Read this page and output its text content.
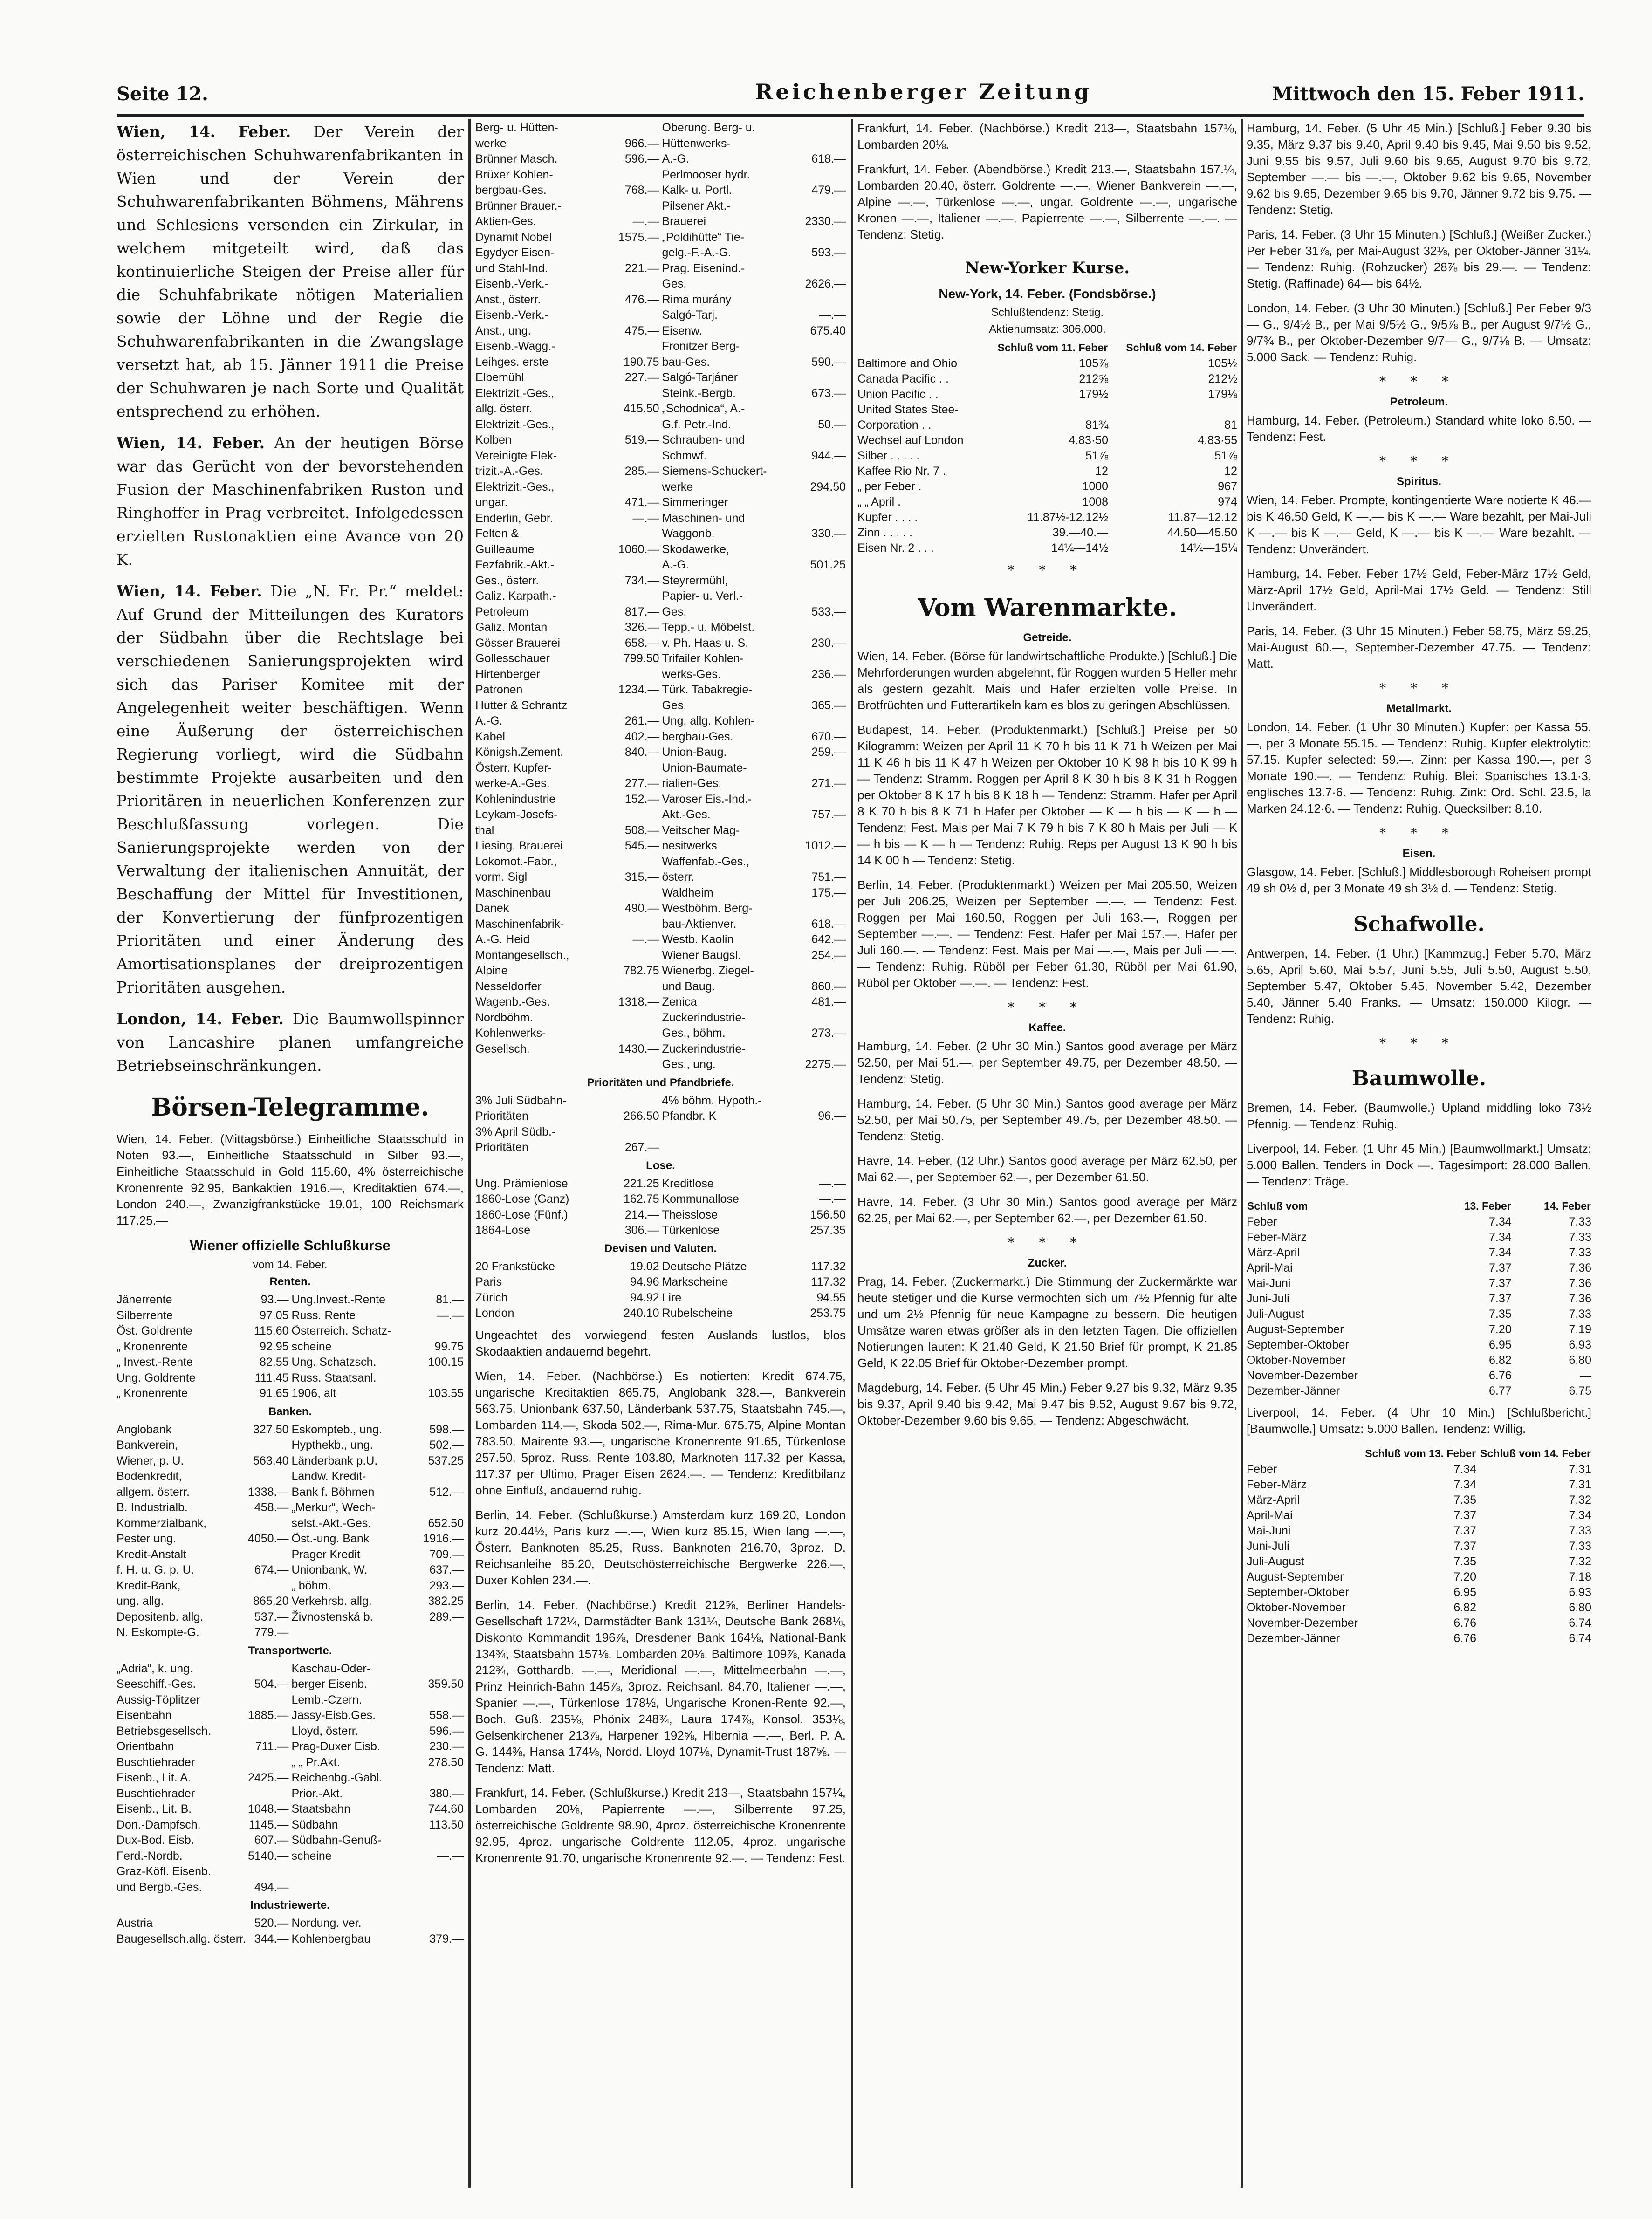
Seite 12.	Reichenberger Zeitung	Mittwoch den 15. Feber 1911.

Wien, 14. Feber. Der Verein der österreichischen Schuhwarenfabrikanten in Wien und der Verein der Schuhwarenfabrikanten Böhmens, Mährens und Schlesiens versenden ein Zirkular, in welchem mitgeteilt wird, daß das kontinuierliche Steigen der Preise aller für die Schuhfabrikate nötigen Materialien sowie der Löhne und der Regie die Schuhwarenfabrikanten in die Zwangslage versetzt hat, ab 15. Jänner 1911 die Preise der Schuhwaren je nach Sorte und Qualität entsprechend zu erhöhen.

Wien, 14. Feber. An der heutigen Börse war das Gerücht von der bevorstehenden Fusion der Maschinenfabriken Ruston und Ringhoffer in Prag verbreitet. Infolgedessen erzielten Rustonaktien eine Avance von 20 K.

Wien, 14. Feber. Die „N. Fr. Pr.“ meldet: Auf Grund der Mitteilungen des Kurators der Südbahn über die Rechtslage bei verschiedenen Sanierungsprojekten wird sich das Pariser Komitee mit der Angelegenheit weiter beschäftigen. Wenn eine Äußerung der österreichischen Regierung vorliegt, wird die Südbahn bestimmte Projekte ausarbeiten und den Prioritären in neuerlichen Konferenzen zur Beschlußfassung vorlegen. Die Sanierungsprojekte werden von der Verwaltung der italienischen Annuität, der Beschaffung der Mittel für Investitionen, der Konvertierung der fünfprozentigen Prioritäten und einer Änderung des Amortisationsplanes der dreiprozentigen Prioritäten ausgehen.

London, 14. Feber. Die Baumwollspinner von Lancashire planen umfangreiche Betriebseinschränkungen.

Börsen-Telegramme.

Wien, 14. Feber. (Mittagsbörse.) Einheitliche Staatsschuld in Noten 93.—, Einheitliche Staatsschuld in Silber 93.—, Einheitliche Staatsschuld in Gold 115.60, 4% österreichische Kronenrente 92.95, Bankaktien 1916.—, Kreditaktien 674.—, London 240.—, Zwanzigfrankstücke 19.01, 100 Reichsmark 117.25.—

Wiener offizielle Schlußkurse
vom 14. Feber.
Renten.
Jänerrente	93.—
Silberrente	97.05
Öst. Goldrente	115.60
„ Kronenrente	92.95
„ Invest.-Rente	82.55
Ung. Goldrente	111.45
„ Kronenrente	91.65
Ung.Invest.-Rente	81.—
Russ. Rente	—.—
Österreich. Schatz-
scheine	99.75
Ung. Schatzsch.	100.15
Russ. Staatsanl.
1906, alt	103.55
Banken.
Anglobank	327.50
Bankverein,
Wiener, p. U.	563.40
Bodenkredit,
allgem. österr.	1338.—
B. Industrialb.	458.—
Kommerzialbank,
Pester ung.	4050.—
Kredit-Anstalt
f. H. u. G. p. U.	674.—
Kredit-Bank,
ung. allg.	865.20
Depositenb. allg.	537.—
N. Eskompte-G.	779.—
Eskompteb., ung.	598.—
Hypthekb., ung.	502.—
Länderbank p.U.	537.25
Landw. Kredit-
Bank f. Böhmen	512.—
„Merkur“, Wech-
selst.-Akt.-Ges.	652.50
Öst.-ung. Bank	1916.—
Prager Kredit	709.—
Unionbank, W.	637.—
„ böhm.	293.—
Verkehrsb. allg.	382.25
Živnostenská b.	289.—
Transportwerte.
„Adria“, k. ung.
Seeschiff.-Ges.	504.—
Aussig-Töplitzer
Eisenbahn	1885.—
Betriebsgesellsch.
Orientbahn	711.—
Buschtiehrader
Eisenb., Lit. A.	2425.—
Buschtiehrader
Eisenb., Lit. B.	1048.—
Don.-Dampfsch.	1145.—
Dux-Bod. Eisb.	607.—
Ferd.-Nordb.	5140.—
Graz-Köfl. Eisenb.
und Bergb.-Ges.	494.—
Kaschau-Oder-
berger Eisenb.	359.50
Lemb.-Czern.
Jassy-Eisb.Ges.	558.—
Lloyd, österr.	596.—
Prag-Duxer Eisb.	230.—
„ „ Pr.Akt.	278.50
Reichenbg.-Gabl.
Prior.-Akt.	380.—
Staatsbahn	744.60
Südbahn	113.50
Südbahn-Genuß-
scheine	—.—
Industriewerte.
Austria	520.—
Baugesellsch.allg. österr. 344.—
Nordung. ver.
Kohlenbergbau	379.—
Berg- u. Hütten-
werke	966.—
Brünner Masch.	596.—
Brüxer Kohlen-
bergbau-Ges.	768.—
Brünner Brauer.-
Aktien-Ges.	—.—
Dynamit Nobel	1575.—
Egydyer Eisen-
und Stahl-Ind.	221.—
Eisenb.-Verk.-
Anst., österr.	476.—
Eisenb.-Verk.-
Anst., ung.	475.—
Eisenb.-Wagg.-
Leihges. erste	190.75
Elbemühl	227.—
Elektrizit.-Ges.,
allg. österr.	415.50
Elektrizit.-Ges.,
Kolben	519.—
Vereinigte Elek-
trizit.-A.-Ges.	285.—
Elektrizit.-Ges.,
ungar.	471.—
Enderlin, Gebr.	—.—
Felten &
Guilleaume	1060.—
Fezfabrik.-Akt.-
Ges., österr.	734.—
Galiz. Karpath.-
Petroleum	817.—
Galiz. Montan	326.—
Gösser Brauerei	658.—
Gollesschauer	799.50
Hirtenberger
Patronen	1234.—
Hutter & Schrantz
A.-G.	261.—
Kabel	402.—
Königsh.Zement.	840.—
Österr. Kupfer-
werke-A.-Ges.	277.—
Kohlenindustrie	152.—
Leykam-Josefs-
thal	508.—
Liesing. Brauerei	545.—
Lokomot.-Fabr.,
vorm. Sigl	315.—
Maschinenbau
Danek	490.—
Maschinenfabrik-
A.-G. Heid	—.—
Montangesellsch.,
Alpine	782.75
Nesseldorfer
Wagenb.-Ges.	1318.—
Nordböhm.
Kohlenwerks-
Gesellsch.	1430.—
Oberung. Berg- u.
Hüttenwerks-
A.-G.	618.—
Perlmooser hydr.
Kalk- u. Portl.	479.—
Pilsener Akt.-
Brauerei	2330.—
„Poldihütte“ Tie-
gelg.-F.-A.-G.	593.—
Prag. Eisenind.-
Ges.	2626.—
Rima murány
Salgó-Tarj.	—.—
Eisenw.	675.40
Fronitzer Berg-
bau-Ges.	590.—
Salgó-Tarjáner
Steink.-Bergb.	673.—
„Schodnica“, A.-
G.f. Petr.-Ind.	50.—
Schrauben- und
Schmwf.	944.—
Siemens-Schuckert-
werke	294.50
Simmeringer
Maschinen- und
Waggonb.	330.—
Skodawerke,
A.-G.	501.25
Steyrermühl,
Papier- u. Verl.-
Ges.	533.—
Tepp.- u. Möbelst.
v. Ph. Haas u. S.	230.—
Trifailer Kohlen-
werks-Ges.	236.—
Türk. Tabakregie-
Ges.	365.—
Ung. allg. Kohlen-
bergbau-Ges.	670.—
Union-Baug.	259.—
Union-Baumate-
rialien-Ges.	271.—
Varoser Eis.-Ind.-
Akt.-Ges.	757.—
Veitscher Mag-
nesitwerks	1012.—
Waffenfab.-Ges.,
österr.	751.—
Waldheim	175.—
Westböhm. Berg-
bau-Aktienver.	618.—
Westb. Kaolin	642.—
Wiener Baugsl.	254.—
Wienerbg. Ziegel-
und Baug.	860.—
Zenica	481.—
Zuckerindustrie-
Ges., böhm.	273.—
Zuckerindustrie-
Ges., ung.	2275.—
Prioritäten und Pfandbriefe.
3% Juli Südbahn-
Prioritäten	266.50
3% April Südb.-
Prioritäten	267.—
4% böhm. Hypoth.-
Pfandbr. K	96.—
Lose.
Ung. Prämienlose	221.25
1860-Lose (Ganz)	162.75
1860-Lose (Fünf.)	214.—
1864-Lose	306.—
Kreditlose	—.—
Kommunallose	—.—
Theisslose	156.50
Türkenlose	257.35
Devisen und Valuten.
20 Frankstücke	19.02
Paris	94.96
Zürich	94.92
London	240.10
Deutsche Plätze	117.32
Markscheine	117.32
Lire	94.55
Rubelscheine	253.75

Ungeachtet des vorwiegend festen Auslands lustlos, blos Skodaaktien andauernd begehrt.

Wien, 14. Feber. (Nachbörse.) Es notierten: Kredit 674.75, ungarische Kreditaktien 865.75, Anglobank 328.—, Bankverein 563.75, Unionbank 637.50, Länderbank 537.75, Staatsbahn 745.—, Lombarden 114.—, Skoda 502.—, Rima-Mur. 675.75, Alpine Montan 783.50, Mairente 93.—, ungarische Kronenrente 91.65, Türkenlose 257.50, 5proz. Russ. Rente 103.80, Marknoten 117.32 per Kassa, 117.37 per Ultimo, Prager Eisen 2624.—. — Tendenz: Kreditbilanz ohne Einfluß, andauernd ruhig.

Berlin, 14. Feber. (Schlußkurse.) Amsterdam kurz 169.20, London kurz 20.44½, Paris kurz —.—, Wien kurz 85.15, Wien lang —.—, Österr. Banknoten 85.25, Russ. Banknoten 216.70, 3proz. D. Reichsanleihe 85.20, Deutschösterreichische Bergwerke 226.—, Duxer Kohlen 234.—.

Berlin, 14. Feber. (Nachbörse.) Kredit 212⅝, Berliner Handels-Gesellschaft 172¼, Darmstädter Bank 131¼, Deutsche Bank 268⅛, Diskonto Kommandit 196⅞, Dresdener Bank 164⅛, National-Bank 134¾, Staatsbahn 157⅛, Lombarden 20⅛, Baltimore 109⅞, Kanada 212¾, Gotthardb. —.—, Meridional —.—, Mittelmeerbahn —.—, Prinz Heinrich-Bahn 145⅞, 3proz. Reichsanl. 84.70, Italiener —.—, Spanier —.—, Türkenlose 178½, Ungarische Kronen-Rente 92.—, Boch. Guß. 235⅛, Phönix 248¾, Laura 174⅞, Konsol. 353⅛, Gelsenkirchener 213⅞, Harpener 192⅝, Hibernia —.—, Berl. P. A. G. 144⅜, Hansa 174⅛, Nordd. Lloyd 107⅛, Dynamit-Trust 187⅝. — Tendenz: Matt.

Frankfurt, 14. Feber. (Schlußkurse.) Kredit 213—, Staatsbahn 157¼, Lombarden 20⅛, Papierrente —.—, Silberrente 97.25, österreichische Goldrente 98.90, 4proz. österreichische Kronenrente 92.95, 4proz. ungarische Goldrente 112.05, 4proz. ungarische Kronenrente 91.70, ungarische Kronenrente 92.—. — Tendenz: Fest.

Frankfurt, 14. Feber. (Nachbörse.) Kredit 213—, Staatsbahn 157⅛, Lombarden 20⅛.

Frankfurt, 14. Feber. (Abendbörse.) Kredit 213.—, Staatsbahn 157.¼, Lombarden 20.40, österr. Goldrente —.—, Wiener Bankverein —.—, Alpine —.—, Türkenlose —.—, ungar. Goldrente —.—, ungarische Kronen —.—, Italiener —.—, Papierrente —.—, Silberrente —.—. — Tendenz: Stetig.

New-Yorker Kurse.
New-York, 14. Feber. (Fondsbörse.)
Schlußtendenz: Stetig.
Aktienumsatz: 306.000.
	Schluß vom 11. Feber	Schluß vom 14. Feber
Baltimore and Ohio	105⅞	105½
Canada Pacific . .	212⅝	212½
Union Pacific . .	179½	179⅛
United States Stee-		
Corporation . .	81¾	81
Wechsel auf London	4.83·50	4.83·55
Silber . . . . .	51⅞	51⅞
Kaffee Rio Nr. 7 .	12	12
„ per Feber .	1000	967
„ „ April .	1008	974
Kupfer . . . .	11.87½-12.12½	11.87—12.12
Zinn . . . . .	39.—40.—	44.50—45.50
Eisen Nr. 2 . . .	14¼—14½	14¼—15¼
* * *
Vom Warenmarkte.
Getreide.

Wien, 14. Feber. (Börse für landwirtschaftliche Produkte.) [Schluß.] Die Mehrforderungen wurden abgelehnt, für Roggen wurden 5 Heller mehr als gestern gezahlt. Mais und Hafer erzielten volle Preise. In Brotfrüchten und Futterartikeln kam es blos zu geringen Abschlüssen.

Budapest, 14. Feber. (Produktenmarkt.) [Schluß.] Preise per 50 Kilogramm: Weizen per April 11 K 70 h bis 11 K 71 h Weizen per Mai 11 K 46 h bis 11 K 47 h Weizen per Oktober 10 K 98 h bis 10 K 99 h — Tendenz: Stramm. Roggen per April 8 K 30 h bis 8 K 31 h Roggen per Oktober 8 K 17 h bis 8 K 18 h — Tendenz: Stramm. Hafer per April 8 K 70 h bis 8 K 71 h Hafer per Oktober — K — h bis — K — h — Tendenz: Fest. Mais per Mai 7 K 79 h bis 7 K 80 h Mais per Juli — K — h bis — K — h — Tendenz: Ruhig. Reps per August 13 K 90 h bis 14 K 00 h — Tendenz: Stetig.

Berlin, 14. Feber. (Produktenmarkt.) Weizen per Mai 205.50, Weizen per Juli 206.25, Weizen per September —.—. — Tendenz: Fest. Roggen per Mai 160.50, Roggen per Juli 163.—, Roggen per September —.—. — Tendenz: Fest. Hafer per Mai 157.—, Hafer per Juli 160.—. — Tendenz: Fest. Mais per Mai —.—, Mais per Juli —.—. — Tendenz: Ruhig. Rüböl per Feber 61.30, Rüböl per Mai 61.90, Rüböl per Oktober —.—. — Tendenz: Fest.

* * *
Kaffee.

Hamburg, 14. Feber. (2 Uhr 30 Min.) Santos good average per März 52.50, per Mai 51.—, per September 49.75, per Dezember 48.50. — Tendenz: Stetig.

Hamburg, 14. Feber. (5 Uhr 30 Min.) Santos good average per März 52.50, per Mai 50.75, per September 49.75, per Dezember 48.50. — Tendenz: Stetig.

Havre, 14. Feber. (12 Uhr.) Santos good average per März 62.50, per Mai 62.—, per September 62.—, per Dezember 61.50.

Havre, 14. Feber. (3 Uhr 30 Min.) Santos good average per März 62.25, per Mai 62.—, per September 62.—, per Dezember 61.50.

* * *
Zucker.

Prag, 14. Feber. (Zuckermarkt.) Die Stimmung der Zuckermärkte war heute stetiger und die Kurse vermochten sich um 7½ Pfennig für alte und um 2½ Pfennig für neue Kampagne zu bessern. Die heutigen Umsätze waren etwas größer als in den letzten Tagen. Die offiziellen Notierungen lauten: K 21.40 Geld, K 21.50 Brief für prompt, K 21.85 Geld, K 22.05 Brief für Oktober-Dezember prompt.

Magdeburg, 14. Feber. (5 Uhr 45 Min.) Feber 9.27 bis 9.32, März 9.35 bis 9.37, April 9.40 bis 9.42, Mai 9.47 bis 9.52, August 9.67 bis 9.72, Oktober-Dezember 9.60 bis 9.65. — Tendenz: Abgeschwächt.

Hamburg, 14. Feber. (5 Uhr 45 Min.) [Schluß.] Feber 9.30 bis 9.35, März 9.37 bis 9.40, April 9.40 bis 9.45, Mai 9.50 bis 9.52, Juni 9.55 bis 9.57, Juli 9.60 bis 9.65, August 9.70 bis 9.72, September —.— bis —.—, Oktober 9.62 bis 9.65, November 9.62 bis 9.65, Dezember 9.65 bis 9.70, Jänner 9.72 bis 9.75. — Tendenz: Stetig.

Paris, 14. Feber. (3 Uhr 15 Minuten.) [Schluß.] (Weißer Zucker.) Per Feber 31⅞, per Mai-August 32⅛, per Oktober-Jänner 31¼. — Tendenz: Ruhig. (Rohzucker) 28⅞ bis 29.—. — Tendenz: Stetig. (Raffinade) 64— bis 64½.

London, 14. Feber. (3 Uhr 30 Minuten.) [Schluß.] Per Feber 9/3— G., 9/4½ B., per Mai 9/5½ G., 9/5⅞ B., per August 9/7½ G., 9/7¾ B., per Oktober-Dezember 9/7— G., 9/7⅛ B. — Umsatz: 5.000 Sack. — Tendenz: Ruhig.

* * *
Petroleum.

Hamburg, 14. Feber. (Petroleum.) Standard white loko 6.50. — Tendenz: Fest.

* * *
Spiritus.

Wien, 14. Feber. Prompte, kontingentierte Ware notierte K 46.— bis K 46.50 Geld, K —.— bis K —.— Ware bezahlt, per Mai-Juli K —.— bis K —.— Geld, K —.— bis K —.— Ware bezahlt. — Tendenz: Unverändert.

Hamburg, 14. Feber. Feber 17½ Geld, Feber-März 17½ Geld, März-April 17½ Geld, April-Mai 17½ Geld. — Tendenz: Still Unverändert.

Paris, 14. Feber. (3 Uhr 15 Minuten.) Feber 58.75, März 59.25, Mai-August 60.—, September-Dezember 47.75. — Tendenz: Matt.

* * *
Metallmarkt.

London, 14. Feber. (1 Uhr 30 Minuten.) Kupfer: per Kassa 55.—, per 3 Monate 55.15. — Tendenz: Ruhig. Kupfer elektrolytic: 57.15. Kupfer selected: 59.—. Zinn: per Kassa 190.—, per 3 Monate 190.—. — Tendenz: Ruhig. Blei: Spanisches 13.1·3, englisches 13.7·6. — Tendenz: Ruhig. Zink: Ord. Schl. 23.5, la Marken 24.12·6. — Tendenz: Ruhig. Quecksilber: 8.10.

* * *
Eisen.

Glasgow, 14. Feber. [Schluß.] Middlesborough Roheisen prompt 49 sh 0½ d, per 3 Monate 49 sh 3½ d. — Tendenz: Stetig.

Schafwolle.

Antwerpen, 14. Feber. (1 Uhr.) [Kammzug.] Feber 5.70, März 5.65, April 5.60, Mai 5.57, Juni 5.55, Juli 5.50, August 5.50, September 5.47, Oktober 5.45, November 5.42, Dezember 5.40, Jänner 5.40 Franks. — Umsatz: 150.000 Kilogr. — Tendenz: Ruhig.

* * *
Baumwolle.

Bremen, 14. Feber. (Baumwolle.) Upland middling loko 73½ Pfennig. — Tendenz: Ruhig.

Liverpool, 14. Feber. (1 Uhr 45 Min.) [Baumwollmarkt.] Umsatz: 5.000 Ballen. Tenders in Dock —. Tagesimport: 28.000 Ballen. — Tendenz: Träge.

Schluß vom	13. Feber	14. Feber
Feber	7.34	7.33
Feber-März	7.34	7.33
März-April	7.34	7.33
April-Mai	7.37	7.36
Mai-Juni	7.37	7.36
Juni-Juli	7.37	7.36
Juli-August	7.35	7.33
August-September	7.20	7.19
September-Oktober	6.95	6.93
Oktober-November	6.82	6.80
November-Dezember	6.76	—
Dezember-Jänner	6.77	6.75

Liverpool, 14. Feber. (4 Uhr 10 Min.) [Schlußbericht.] [Baumwolle.] Umsatz: 5.000 Ballen. Tendenz: Willig.

	Schluß vom 13. Feber	Schluß vom 14. Feber
Feber	7.34	7.31
Feber-März	7.34	7.31
März-April	7.35	7.32
April-Mai	7.37	7.34
Mai-Juni	7.37	7.33
Juni-Juli	7.37	7.33
Juli-August	7.35	7.32
August-September	7.20	7.18
September-Oktober	6.95	6.93
Oktober-November	6.82	6.80
November-Dezember	6.76	6.74
Dezember-Jänner	6.76	6.74
